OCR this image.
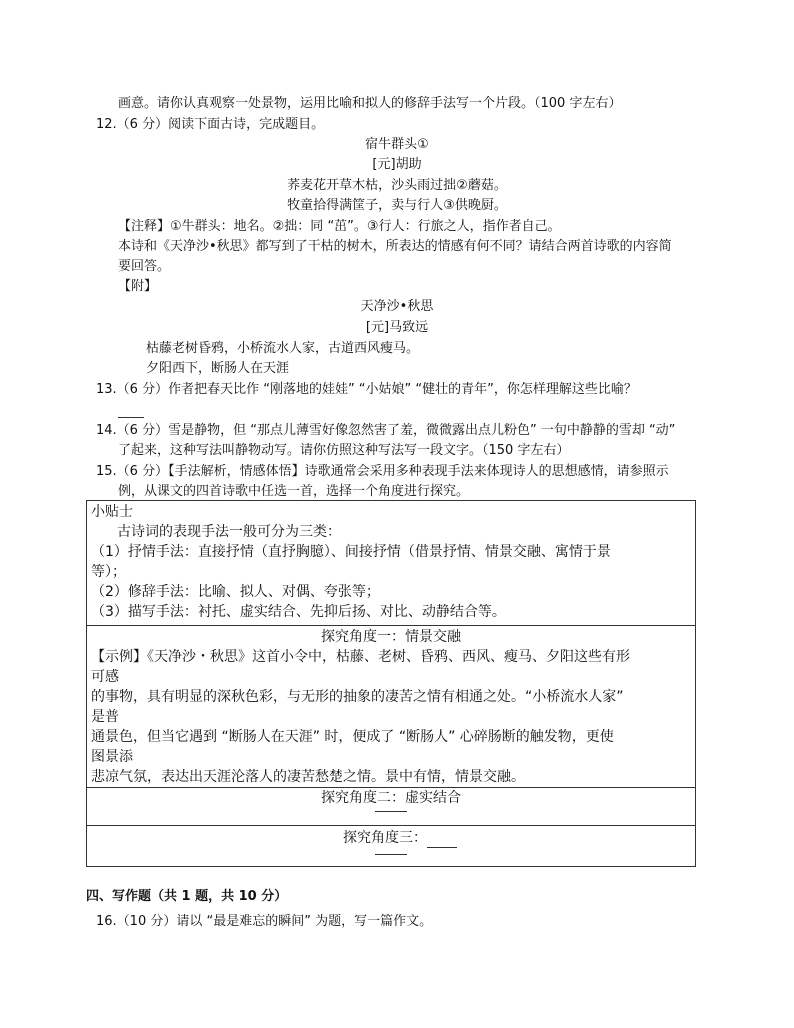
画意。请你认真观察一处景物，运用比喻和拟人的修辞手法写一个片段。（100 字左右）
12.（6 分）阅读下面古诗，完成题目。
宿牛群头①
[元]胡助
荞麦花开草木枯，沙头雨过拙②蘑菇。
牧童拾得满筐子，卖与行人③供晚厨。
【注释】①牛群头：地名。②拙：同 “茁”。③行人：行旅之人，指作者自己。
本诗和《天净沙•秋思》都写到了干枯的树木，所表达的情感有何不同？请结合两首诗歌的内容简
要回答。
【附】
天净沙•秋思
[元]马致远
枯藤老树昏鸦，小桥流水人家，古道西风瘦马。
夕阳西下，断肠人在天涯
13.（6 分）作者把春天比作 “刚落地的娃娃” “小姑娘” “健壮的青年”，你怎样理解这些比喻？
14.（6 分）雪是静物，但 “那点儿薄雪好像忽然害了羞，微微露出点儿粉色” 一句中静静的雪却 “动”
了起来，这种写法叫静物动写。请你仿照这种写法写一段文字。（150 字左右）
15.（6 分）【手法解析，情感体悟】诗歌通常会采用多种表现手法来体现诗人的思想感情，请参照示
例，从课文的四首诗歌中任选一首，选择一个角度进行探究。
小贴士
古诗词的表现手法一般可分为三类：
（1）抒情手法：直接抒情（直抒胸臆）、间接抒情（借景抒情、情景交融、寓情于景
等）；
（2）修辞手法：比喻、拟人、对偶、夸张等；
（3）描写手法：衬托、虚实结合、先抑后扬、对比、动静结合等。
探究角度一：情景交融
【示例】《天净沙・秋思》这首小令中，枯藤、老树、昏鸦、西风、瘦马、夕阳这些有形
可感
的事物，具有明显的深秋色彩，与无形的抽象的凄苦之情有相通之处。“小桥流水人家”
是普
通景色，但当它遇到 “断肠人在天涯” 时，便成了 “断肠人” 心碎肠断的触发物，更使
图景添
悲凉气氛，表达出天涯沦落人的凄苦愁楚之情。景中有情，情景交融。
探究角度二：虚实结合
探究角度三：
四、写作题（共 1 题，共 10 分）
16.（10 分）请以 “最是难忘的瞬间” 为题，写一篇作文。
